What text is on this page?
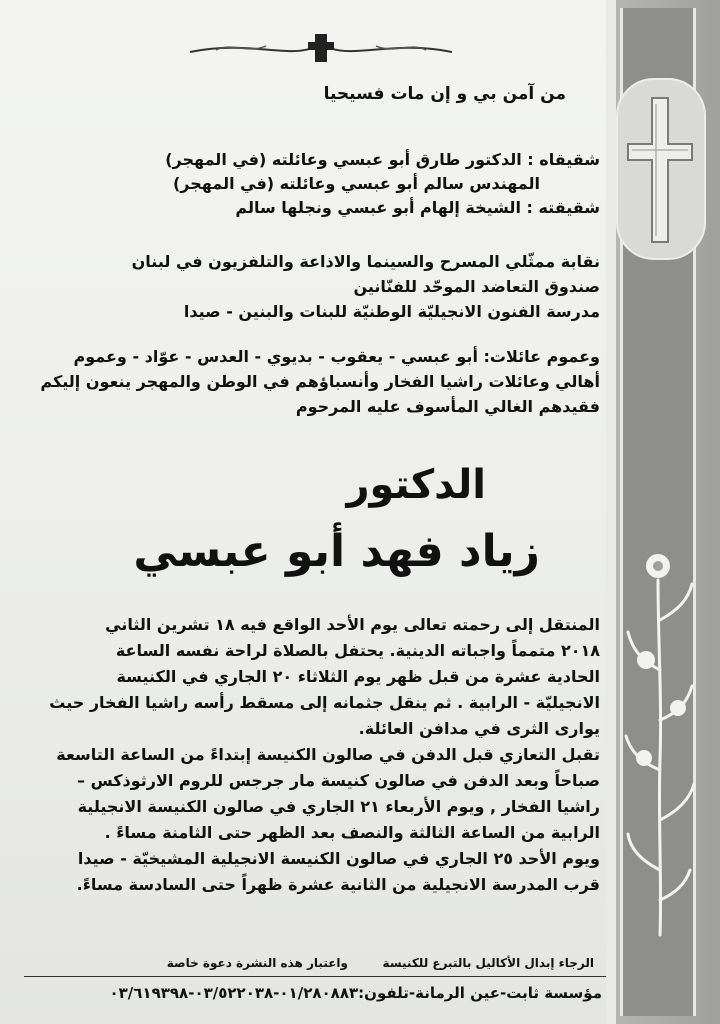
من آمن بي و إن مات فسيحيا
شقيقاه : الدكتور طارق أبو عبسي وعائلته (في المهجر)
المهندس سالم أبو عبسي وعائلته (في المهجر)
شقيقته : الشيخة إلهام أبو عبسي ونجلها سالم
نقابة ممثّلي المسرح والسينما والاذاعة والتلفزيون في لبنان
صندوق التعاضد الموحّد للفنّانين
مدرسة الفنون الانجيليّة الوطنيّة للبنات والبنين - صيدا
وعموم عائلات: أبو عبسي - يعقوب - بديوي - العدس - عوّاد - وعموم
أهالي وعائلات راشيا الفخار وأنسباؤهم في الوطن والمهجر ينعون إليكم
فقيدهم الغالي المأسوف عليه المرحوم
الدكتور
زياد فهد أبو عبسي
المنتقل إلى رحمته تعالى يوم الأحد الواقع فيه ١٨ تشرين الثاني
٢٠١٨ متمماً واجباته الدينية. يحتفل بالصلاة لراحة نفسه الساعة
الحادية عشرة من قبل ظهر يوم الثلاثاء ٢٠ الجاري في الكنيسة
الانجيليّة - الرابية . ثم ينقل جثمانه إلى مسقط رأسه راشيا الفخار حيث
يوارى الثرى في مدافن العائلة.
تقبل التعازي قبل الدفن في صالون الكنيسة إبتداءً من الساعة التاسعة
صباحاً وبعد الدفن في صالون كنيسة مار جرجس للروم الارثوذكس –
راشيا الفخار , ويوم الأربعاء ٢١ الجاري في صالون الكنيسة الانجيلية
الرابية من الساعة الثالثة والنصف بعد الظهر حتى الثامنة مساءً .
ويوم الأحد ٢٥ الجاري في صالون الكنيسة الانجيلية المشيخيّة - صيدا
قرب المدرسة الانجيلية من الثانية عشرة ظهراً حتى السادسة مساءً.
الرجاء إبدال الأكاليل بالتبرع للكنيسة
واعتبار هذه النشرة دعوة خاصة
مؤسسة ثابت-عين الرمانة-تلفون:٠١/٢٨٠٨٨٣-٠٣/٥٢٢٠٣٨-٠٣/٦١٩٣٩٨
